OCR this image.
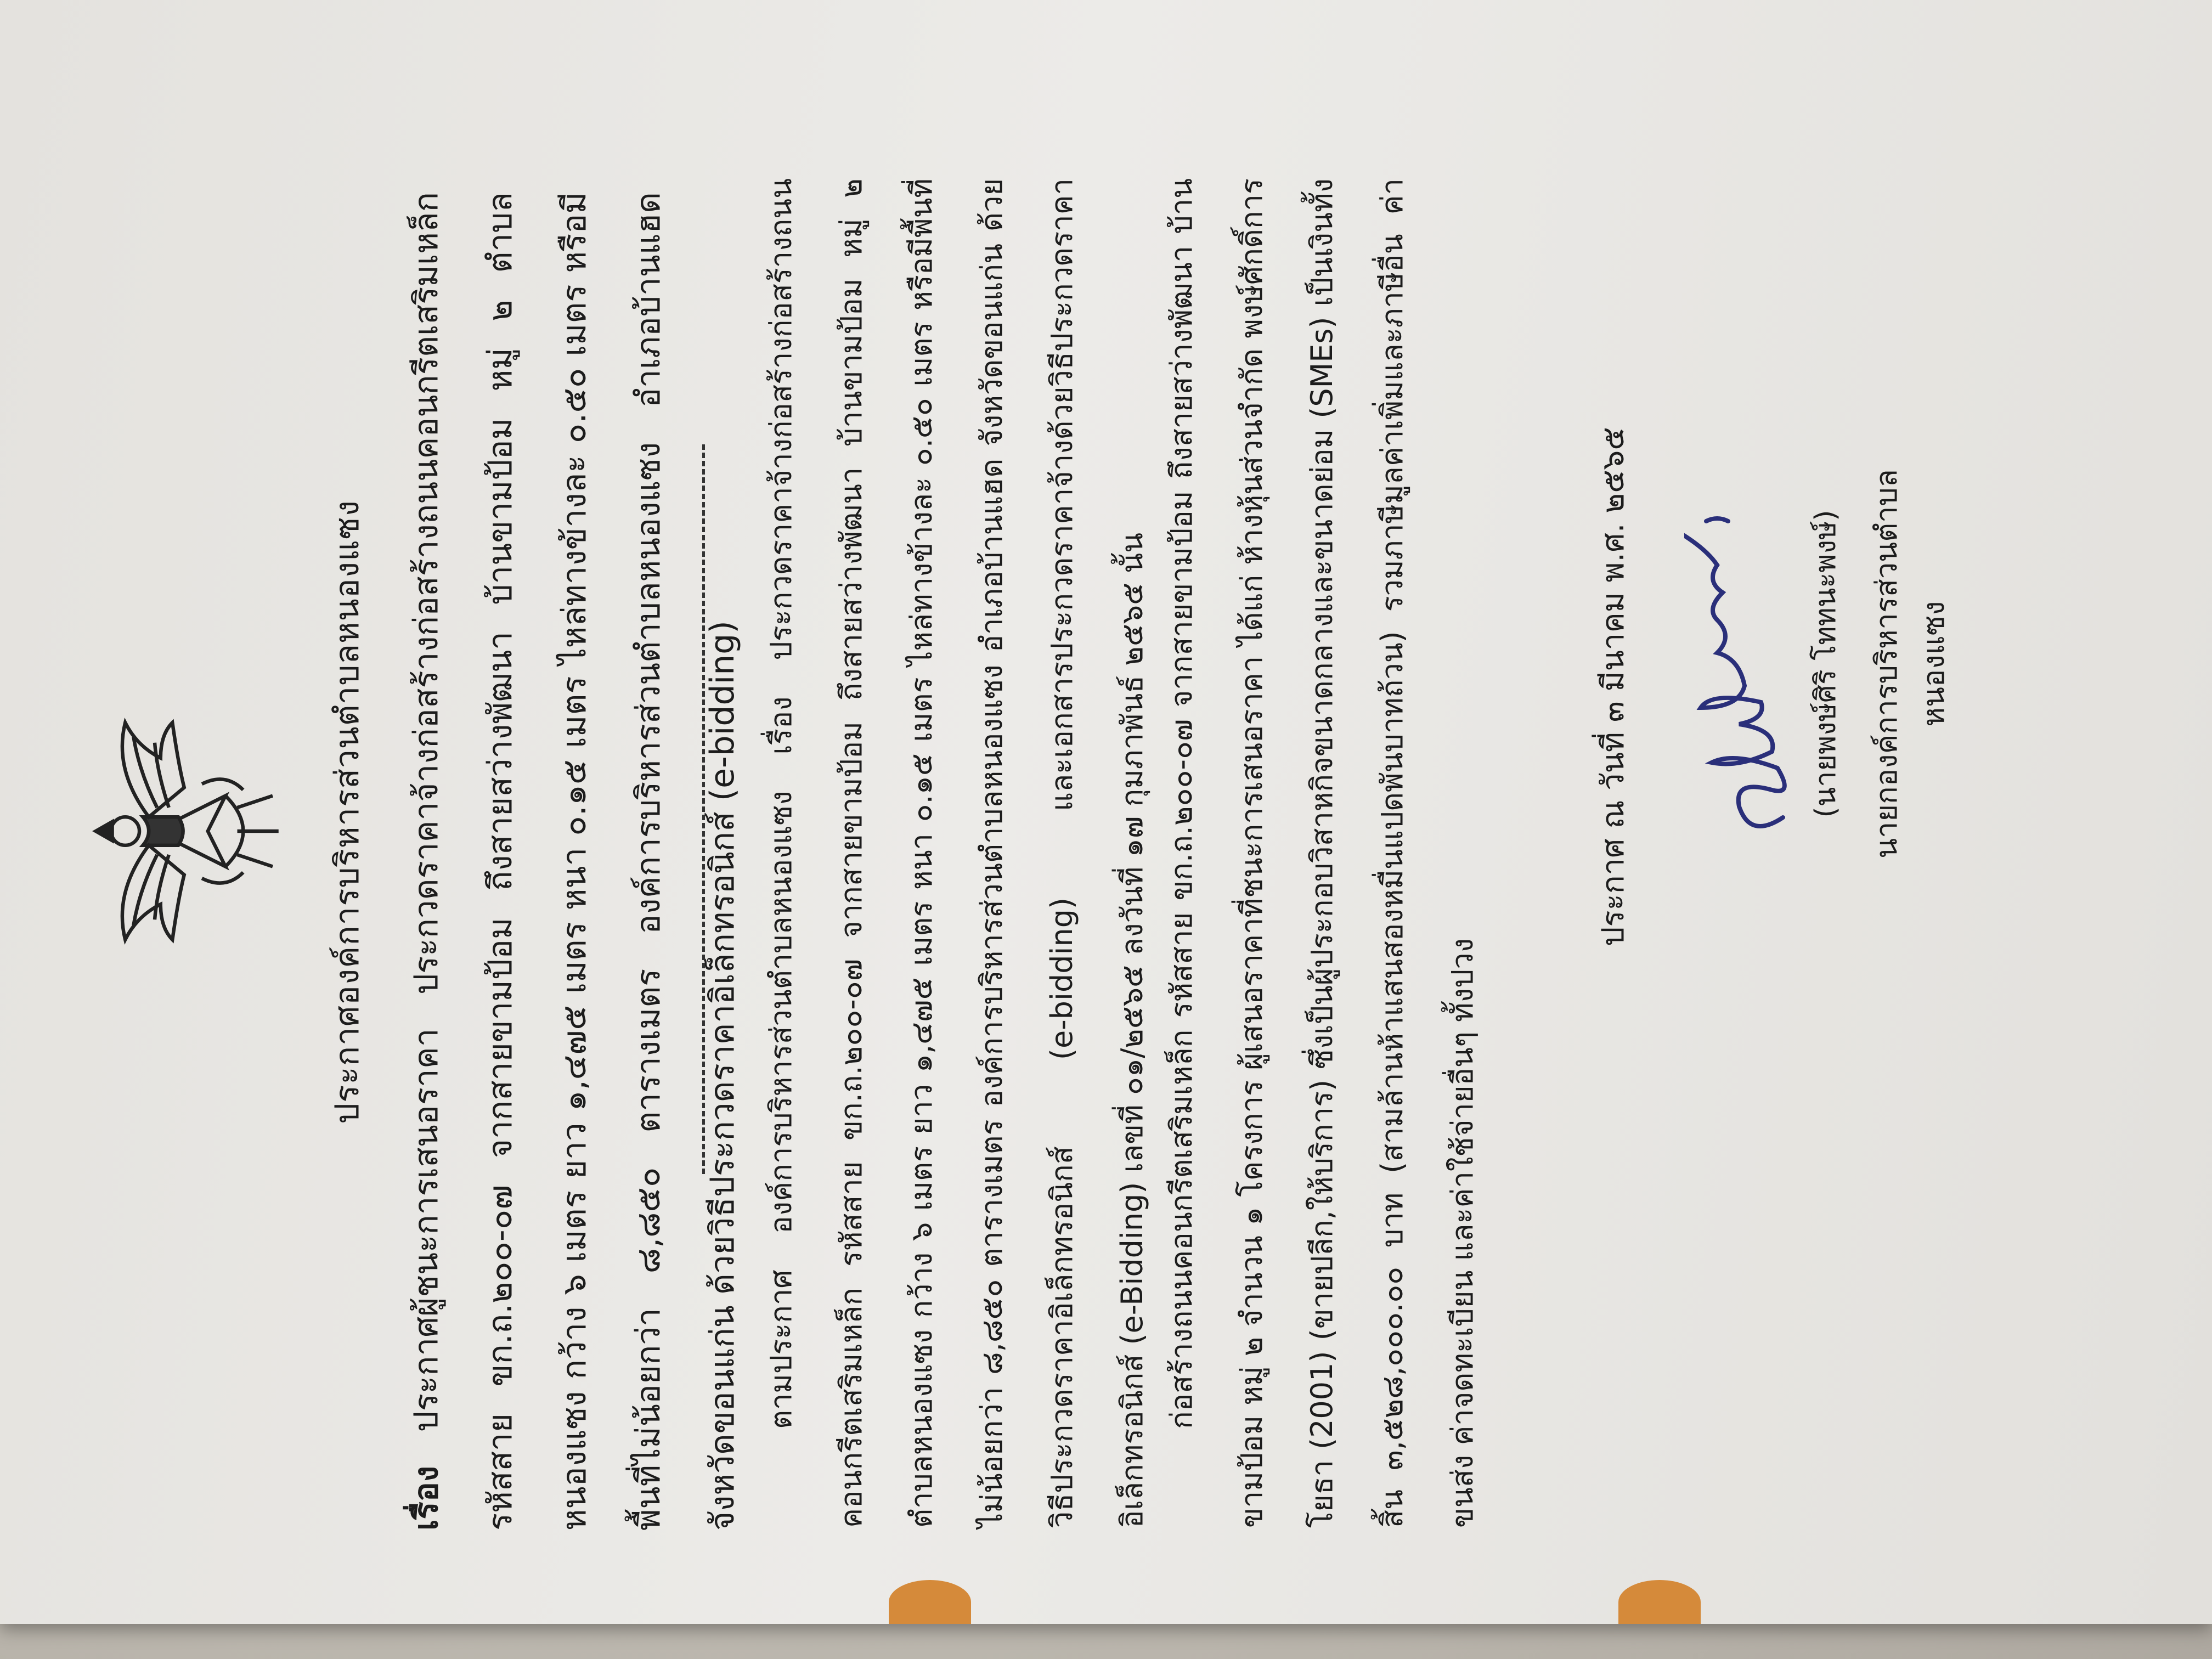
ประกาศองค์การบริหารส่วนตำบลหนองแซง
เรื่อง ประกาศผู้ชนะการเสนอราคา ประกวดราคาจ้างก่อสร้างก่อสร้างถนนคอนกรีตเสริมเหล็ก รหัสสาย ขก.ถ.๒๐๐-๐๗ จากสายขามป้อม ถึงสายสว่างพัฒนา บ้านขามป้อม หมู่ ๒ ตำบลหนองแซง กว้าง ๖ เมตร ยาว ๑,๔๗๕ เมตร หนา ๐.๑๕ เมตร ไหล่ทางข้างละ ๐.๕๐ เมตร หรือมีพื้นที่ไม่น้อยกว่า ๘,๘๕๐ ตารางเมตร องค์การบริหารส่วนตำบลหนองแซง อำเภอบ้านแฮด จังหวัดขอนแก่น ด้วยวิธีประกวดราคาอิเล็กทรอนิกส์ (e-bidding) ตามประกาศ องค์การบริหารส่วนตำบลหนองแซง เรื่อง ประกวดราคาจ้างก่อสร้างก่อสร้างถนนคอนกรีตเสริมเหล็ก รหัสสาย ขก.ถ.๒๐๐-๐๗ จากสายขามป้อม ถึงสายสว่างพัฒนา บ้านขามป้อม หมู่ ๒ ตำบลหนองแซง กว้าง ๖ เมตร ยาว ๑,๔๗๕ เมตร หนา ๐.๑๕ เมตร ไหล่ทางข้างละ ๐.๕๐ เมตร หรือมีพื้นที่ไม่น้อยกว่า ๘,๘๕๐ ตารางเมตร องค์การบริหารส่วนตำบลหนองแซง อำเภอบ้านแฮด จังหวัดขอนแก่น ด้วยวิธีประกวดราคาอิเล็กทรอนิกส์ (e-bidding) และเอกสารประกวดราคาจ้างด้วยวิธีประกวดราคาอิเล็กทรอนิกส์ (e-Bidding) เลขที่ ๐๑/๒๕๖๕ ลงวันที่ ๑๗ กุมภาพันธ์ ๒๕๖๕ นั้น ก่อสร้างถนนคอนกรีตเสริมเหล็ก รหัสสาย ขก.ถ.๒๐๐-๐๗ จากสายขามป้อม ถึงสายสว่างพัฒนา บ้านขามป้อม หมู่ ๒ จำนวน ๑ โครงการ ผู้เสนอราคาที่ชนะการเสนอราคา ได้แก่ ห้างหุ้นส่วนจำกัด พงษ์ศักดิ์การโยธา (2001) (ขายปลีก,ให้บริการ) ซึ่งเป็นผู้ประกอบวิสาหกิจขนาดกลางและขนาดย่อม (SMEs) เป็นเงินทั้งสิ้น ๓,๕๒๘,๐๐๐.๐๐ บาท (สามล้านห้าแสนสองหมื่นแปดพันบาทถ้วน) รวมภาษีมูลค่าเพิ่มและภาษีอื่น ค่าขนส่ง ค่าจดทะเบียน และค่าใช้จ่ายอื่นๆ ทั้งปวง
ประกาศ ณ วันที่ ๓ มีนาคม พ.ศ. ๒๕๖๕	(นายพงษ์ศิริ โททนะพงษ์) นายกองค์การบริหารส่วนตำบลหนองแซง
